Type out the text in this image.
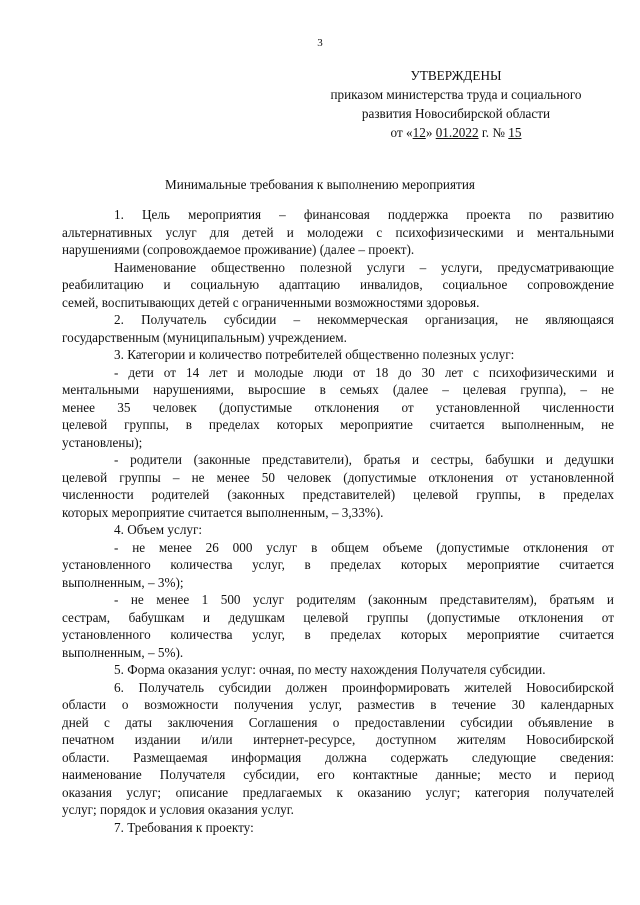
3
УТВЕРЖДЕНЫ
приказом министерства труда и социального
развития Новосибирской области
от «12» 01.2022 г. № 15
Минимальные требования к выполнению мероприятия

1. Цель мероприятия – финансовая поддержка проекта по развитию

альтернативных услуг для детей и молодежи с психофизическими и ментальными

нарушениями (сопровождаемое проживание) (далее – проект).

Наименование общественно полезной услуги – услуги, предусматривающие

реабилитацию и социальную адаптацию инвалидов, социальное сопровождение

семей, воспитывающих детей с ограниченными возможностями здоровья.

2. Получатель субсидии – некоммерческая организация, не являющаяся

государственным (муниципальным) учреждением.

3. Категории и количество потребителей общественно полезных услуг:

- дети от 14 лет и молодые люди от 18 до 30 лет с психофизическими и

ментальными нарушениями, выросшие в семьях (далее – целевая группа), – не

менее 35 человек (допустимые отклонения от установленной численности

целевой группы, в пределах которых мероприятие считается выполненным, не

установлены);

- родители (законные представители), братья и сестры, бабушки и дедушки

целевой группы – не менее 50 человек (допустимые отклонения от установленной

численности родителей (законных представителей) целевой группы, в пределах

которых мероприятие считается выполненным, – 3,33%).

4. Объем услуг:

- не менее 26 000 услуг в общем объеме (допустимые отклонения от

установленного количества услуг, в пределах которых мероприятие считается

выполненным, – 3%);

- не менее 1 500 услуг родителям (законным представителям), братьям и

сестрам, бабушкам и дедушкам целевой группы (допустимые отклонения от

установленного количества услуг, в пределах которых мероприятие считается

выполненным, – 5%).

5. Форма оказания услуг: очная, по месту нахождения Получателя субсидии.

6. Получатель субсидии должен проинформировать жителей Новосибирской

области о возможности получения услуг, разместив в течение 30 календарных

дней с даты заключения Соглашения о предоставлении субсидии объявление в

печатном издании и/или интернет-ресурсе, доступном жителям Новосибирской

области. Размещаемая информация должна содержать следующие сведения:

наименование Получателя субсидии, его контактные данные; место и период

оказания услуг; описание предлагаемых к оказанию услуг; категория получателей

услуг; порядок и условия оказания услуг.

7. Требования к проекту:
